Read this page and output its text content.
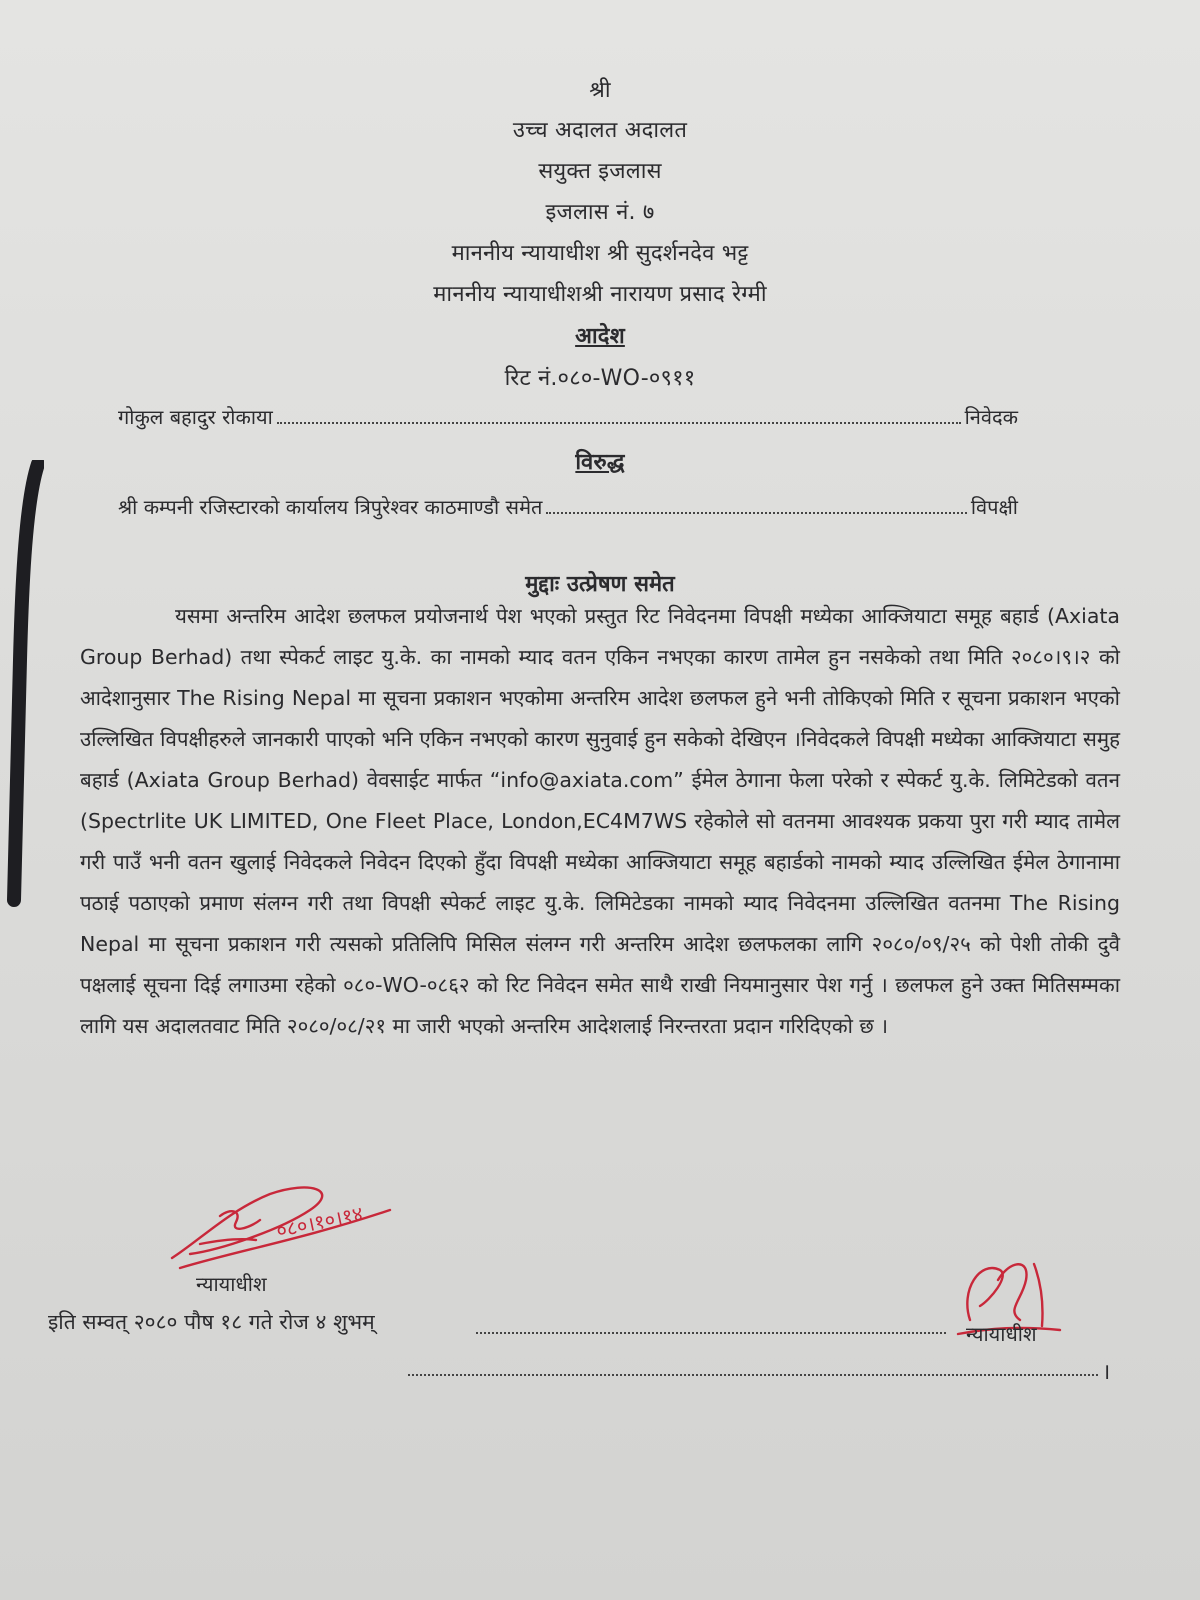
श्री
उच्च अदालत अदालत
सयुक्त इजलास
इजलास नं. ७
माननीय न्यायाधीश श्री सुदर्शनदेव भट्ट
माननीय न्यायाधीशश्री नारायण प्रसाद रेग्मी
आदेश
रिट नं.०८०-WO-०९११
गोकुल बहादुर रोकाया	निवेदक
विरुद्ध
श्री कम्पनी रजिस्टारको कार्यालय त्रिपुरेश्वर काठमाण्डौ समेत	विपक्षी
मुद्दाः उत्प्रेषण समेत
यसमा अन्तरिम आदेश छलफल प्रयोजनार्थ पेश भएको प्रस्तुत रिट निवेदनमा विपक्षी मध्येका आक्जियाटा समूह बहार्ड (Axiata Group Berhad) तथा स्पेकर्ट लाइट यु.के. का नामको म्याद वतन एकिन नभएका कारण तामेल हुन नसकेको तथा मिति २०८०।९।२ को आदेशानुसार The Rising Nepal मा सूचना प्रकाशन भएकोमा अन्तरिम आदेश छलफल हुने भनी तोकिएको मिति र सूचना प्रकाशन भएको उल्लिखित विपक्षीहरुले जानकारी पाएको भनि एकिन नभएको कारण सुनुवाई हुन सकेको देखिएन ।निवेदकले विपक्षी मध्येका आक्जियाटा समुह बहार्ड (Axiata Group Berhad) वेवसाईट मार्फत “info@axiata.com” ईमेल ठेगाना फेला परेको र स्पेकर्ट यु.के. लिमिटेडको वतन (Spectrlite UK LIMITED, One Fleet Place, London,EC4M7WS रहेकोले सो वतनमा आवश्यक प्रकया पुरा गरी म्याद तामेल गरी पाउँ भनी वतन खुलाई निवेदकले निवेदन दिएको हुँदा विपक्षी मध्येका आक्जियाटा समूह बहार्डको नामको म्याद उल्लिखित ईमेल ठेगानामा पठाई पठाएको प्रमाण संलग्न गरी तथा विपक्षी स्पेकर्ट लाइट यु.के. लिमिटेडका नामको म्याद निवेदनमा उल्लिखित वतनमा The Rising Nepal मा सूचना प्रकाशन गरी त्यसको प्रतिलिपि मिसिल संलग्न गरी अन्तरिम आदेश छलफलका लागि २०८०/०९/२५ को पेशी तोकी दुवै पक्षलाई सूचना दिई लगाउमा रहेको ०८०-WO-०८६२ को रिट निवेदन समेत साथै राखी नियमानुसार पेश गर्नु । छलफल हुने उक्त मितिसम्मका लागि यस अदालतवाट मिति २०८०/०८/२१ मा जारी भएको अन्तरिम आदेशलाई निरन्तरता प्रदान गरिदिएको छ ।
०८०।१०।१४
न्यायाधीश
न्यायाधीश
इति सम्वत् २०८० पौष १८ गते रोज ४ शुभम्
।
